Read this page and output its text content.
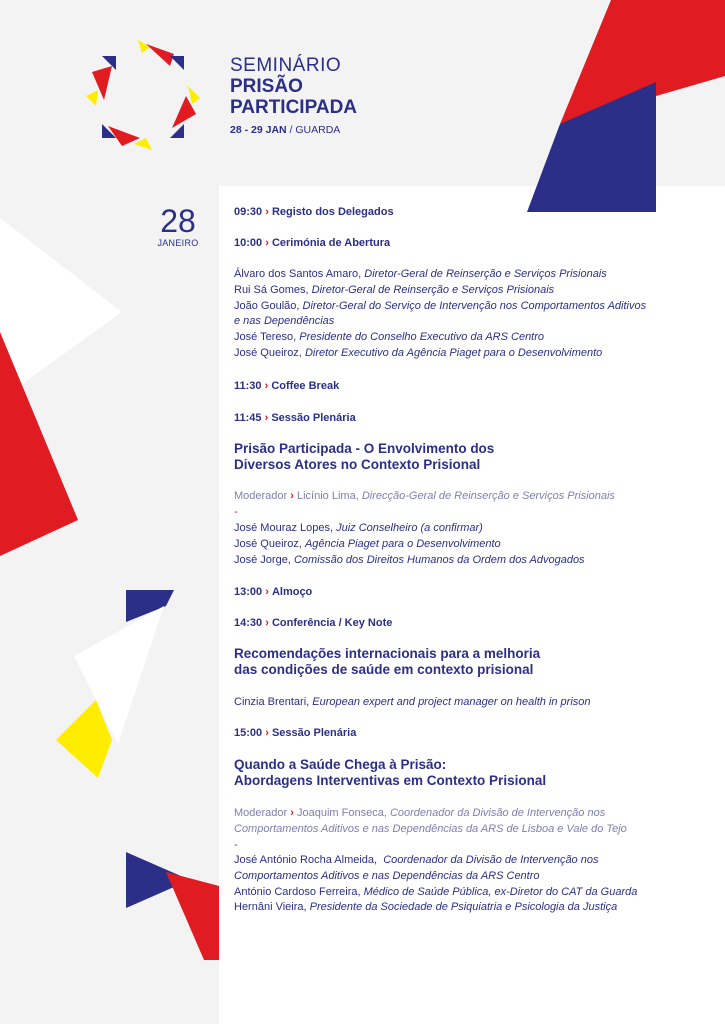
SEMINÁRIO
PRISÃO
PARTICIPADA
28 - 29 JAN / GUARDA
28
JANEIRO
09:30 › Registo dos Delegados
10:00 › Cerimónia de Abertura
Álvaro dos Santos Amaro, Diretor-Geral de Reinserção e Serviços Prisionais
Rui Sá Gomes, Diretor-Geral de Reinserção e Serviços Prisionais
João Goulão, Diretor-Geral do Serviço de Intervenção nos Comportamentos Aditivos
e nas Dependências
José Tereso, Presidente do Conselho Executivo da ARS Centro
José Queiroz, Diretor Executivo da Agência Piaget para o Desenvolvimento
11:30 › Coffee Break
11:45 › Sessão Plenária
Prisão Participada - O Envolvimento dos
Diversos Atores no Contexto Prisional
Moderador › Licínio Lima, Direcção-Geral de Reinserção e Serviços Prisionais
-
José Mouraz Lopes, Juiz Conselheiro (a confirmar)
José Queiroz, Agência Piaget para o Desenvolvimento
José Jorge, Comissão dos Direitos Humanos da Ordem dos Advogados
13:00 › Almoço
14:30 › Conferência / Key Note
Recomendações internacionais para a melhoria
das condições de saúde em contexto prisional
Cinzia Brentari, European expert and project manager on health in prison
15:00 › Sessão Plenária
Quando a Saúde Chega à Prisão:
Abordagens Interventivas em Contexto Prisional
Moderador › Joaquim Fonseca, Coordenador da Divisão de Intervenção nos
Comportamentos Aditivos e nas Dependências da ARS de Lisboa e Vale do Tejo
-
José António Rocha Almeida, Coordenador da Divisão de Intervenção nos
Comportamentos Aditivos e nas Dependências da ARS Centro
António Cardoso Ferreira, Médico de Saúde Pública, ex-Diretor do CAT da Guarda
Hernâni Vieira, Presidente da Sociedade de Psiquiatria e Psicologia da Justiça
